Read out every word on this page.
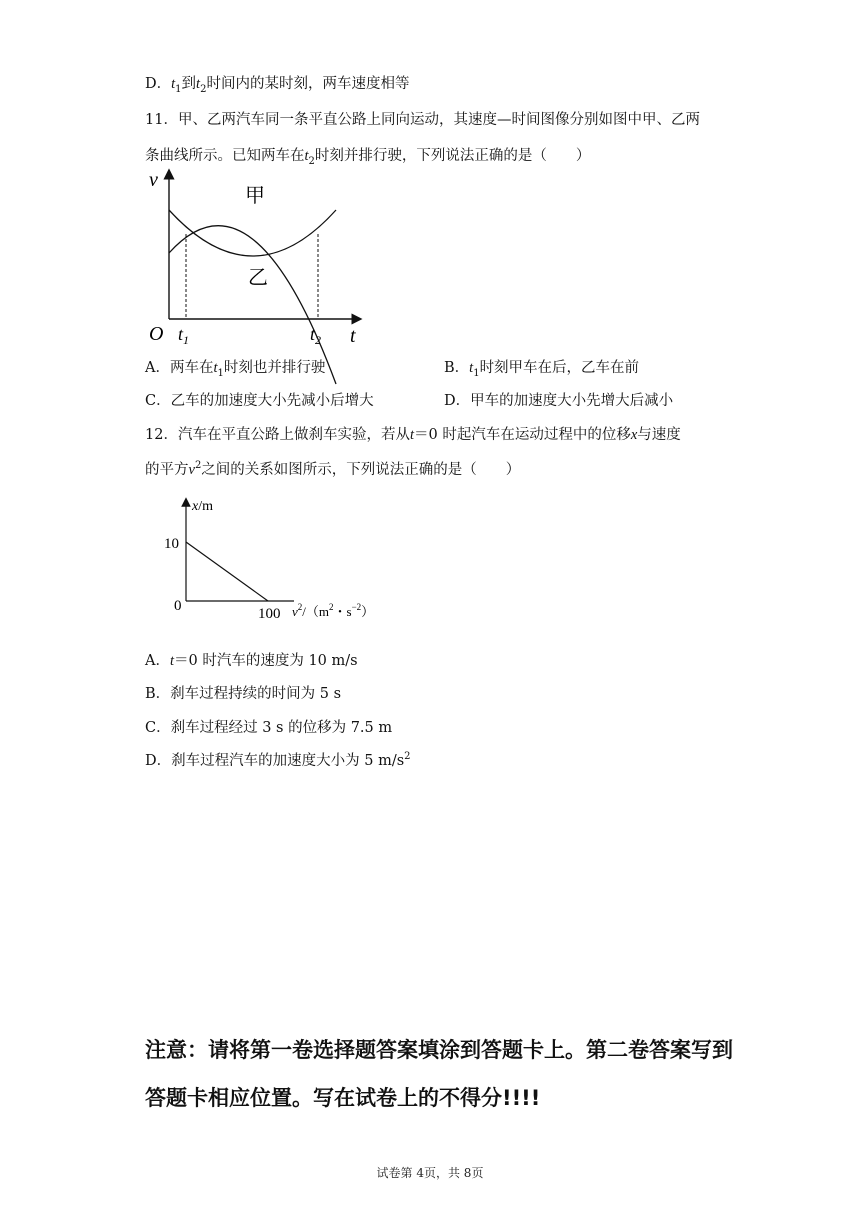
D．$t_1$到$t_2$时间内的某时刻，两车速度相等
11．甲、乙两汽车同一条平直公路上同向运动，其速度—时间图像分别如图中甲、乙两
条曲线所示。已知两车在$t_2$时刻并排行驶，下列说法正确的是（　　）
v
t
O $t_1$	$t_2$
甲
乙
A．两车在$t_1$时刻也并排行驶	B．$t_1$时刻甲车在后，乙车在前
C．乙车的加速度大小先减小后增大	D．甲车的加速度大小先增大后减小
12．汽车在平直公路上做刹车实验，若从t＝0 时起汽车在运动过程中的位移x与速度
的平方$v^2$之间的关系如图所示，下列说法正确的是（　　）
x/m
10
0	100 $v^2/(m^2$・$s^{-2}$）
A．t＝0 时汽车的速度为 10 m/s
B．刹车过程持续的时间为 5 s
C．刹车过程经过 3 s 的位移为 7.5 m
D．刹车过程汽车的加速度大小为 5 $m/s^2$
注意：请将第一卷选择题答案填涂到答题卡上。第二卷答案写到
答题卡相应位置。写在试卷上的不得分!!!!
试卷第 4页，共 8页
